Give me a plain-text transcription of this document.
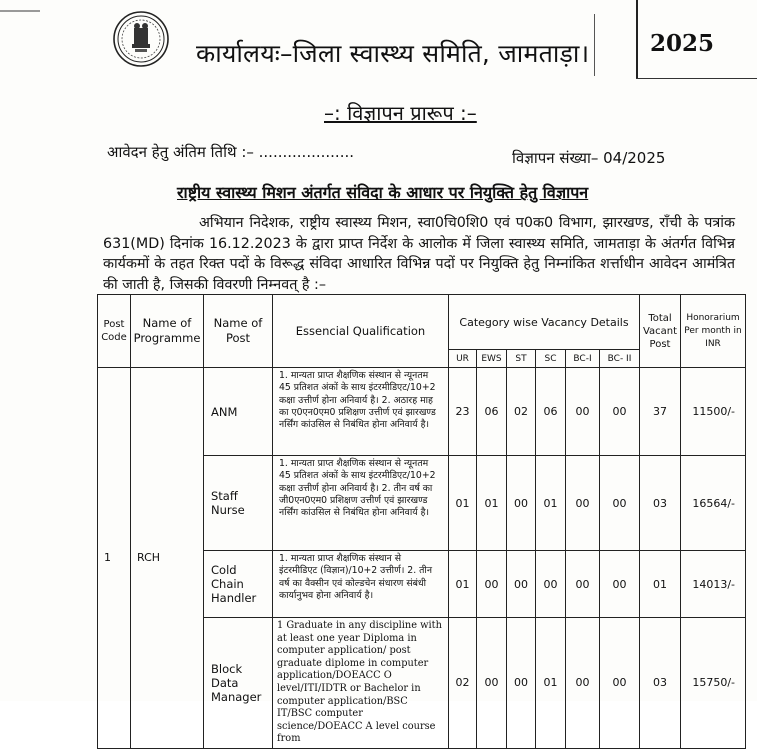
कार्यालयः–जिला स्वास्थ्य समिति, जामताड़ा।	2025
–: विज्ञापन प्रारूप :–
आवेदन हेतु अंतिम तिथि :– ....................	विज्ञापन संख्या– 04/2025
राष्ट्रीय स्वास्थ्य मिशन अंतर्गत संविदा के आधार पर नियुक्ति हेतु विज्ञापन
अभियान निदेशक, राष्ट्रीय स्वास्थ्य मिशन, स्वा0चि0शि0 एवं प0क0 विभाग, झारखण्ड, राँची के पत्रांक 631(MD) दिनांक 16.12.2023 के द्वारा प्राप्त निर्देश के आलोक में जिला स्वास्थ्य समिति, जामताड़ा के अंतर्गत विभिन्न कार्यकमों के तहत रिक्त पदों के विरूद्ध संविदा आधारित विभिन्न पदों पर नियुक्ति हेतु निम्नांकित शर्त्ताधीन आवेदन आमंत्रित की जाती है, जिसकी विवरणी निम्नवत् है :–
Post Code	Name of Programme	Name of Post	Essencial Qualification	Category wise Vacancy Details						Total Vacant Post	Honorarium Per month in INR
				UR	EWS	ST	SC	BC-I	BC- II		
1	RCH	ANM	1. मान्यता प्राप्त शैक्षणिक संस्थान से न्यूनतम 45 प्रतिशत अंकों के साथ इंटरमीडिएट/10+2 कक्षा उत्तीर्ण होना अनिवार्य है। 2. अठारह माह का ए0एन0एम0 प्रशिक्षण उत्तीर्ण एवं झारखण्ड नर्सिंग कांउसिल से निबंधित होना अनिवार्य है।	23	06	02	06	00	00	37	11500/-
		Staff Nurse	1. मान्यता प्राप्त शैक्षणिक संस्थान से न्यूनतम 45 प्रतिशत अंकों के साथ इंटरमीडिएट/10+2 कक्षा उत्तीर्ण होना अनिवार्य है। 2. तीन वर्ष का जी0एन0एम0 प्रशिक्षण उत्तीर्ण एवं झारखण्ड नर्सिंग कांउसिल से निबंधित होना अनिवार्य है।	01	01	00	01	00	00	03	16564/-
		Cold Chain Handler	1. मान्यता प्राप्त शैक्षणिक संस्थान से इंटरमीडिएट (विज्ञान)/10+2 उत्तीर्ण। 2. तीन वर्ष का वैक्सीन एवं कोल्डचेन संधारण संबंधी कार्यानुभव होना अनिवार्य है।	01	00	00	00	00	00	01	14013/-
		Block Data Manager	1 Graduate in any discipline with at least one year Diploma in computer application/ post graduate diplome in computer application/DOEACC O level/ITI/IDTR or Bachelor in computer application/BSC IT/BSC computer science/DOEACC A level course from	02	00	00	01	00	00	03	15750/-
